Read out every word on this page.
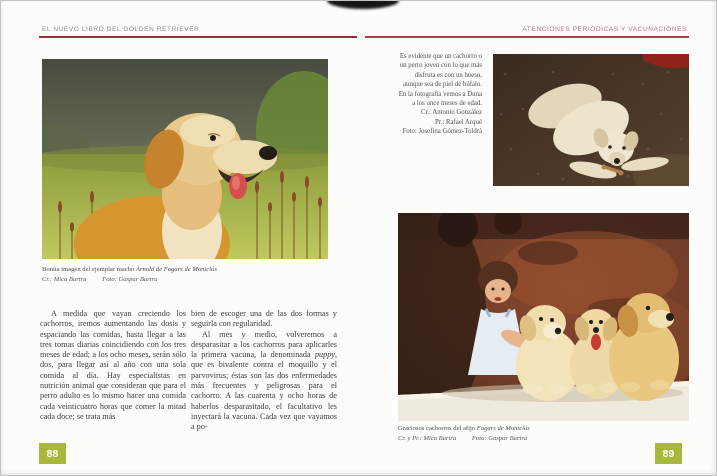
EL NUEVO LIBRO DEL GOLDEN RETRIEVER
Bonita imagen del ejemplar macho Arnold de Fogars de Montclús
Cr.: Mica Bartra Foto: Gaspar Bartra

A medida que vayan creciendo los cachorros, iremos aumentando las dosis y espaciando las comidas, hasta llegar a las tres tomas diarias coincidiendo con los tres meses de edad; a los ocho meses, serán sólo dos, para llegar así al año con una sola comida al día. Hay especialistas en nutrición animal que consideran que para el perro adulto es lo mismo hacer una comida cada veinticuatro horas que comer la mitad cada doce; se trata más

bien de escoger una de las dos formas y seguirla con regularidad.

Al mes y medio, volveremos a desparasitar a los cachorros para aplicarles la primera vacuna, la denominada puppy, que es bivalente contra el moquillo y el parvovirus; éstas son las dos enfermedades más frecuentes y peligrosas para el cachorro. A las cuarenta y ocho horas de haberlos desparasitado, el facultativo les inyectará la vacuna. Cada vez que vayamos a po-

88
ATENCIONES PERIÓDICAS Y VACUNACIONES
Es evidente que un cachorro o
un perro joven con lo que más
disfruta es con un hueso,
aunque sea de piel de búfalo.
En la fotografía vemos a Duna
a los once meses de edad.
Cr.: Antonio González
Pr.: Rafael Arqué
Foto: Josefina Gómez-Toldrà
Graciosos cachorros del afijo Fogars de Montclús
Cr. y Pr.: Mica Bartra Foto: Gaspar Bartra
89
